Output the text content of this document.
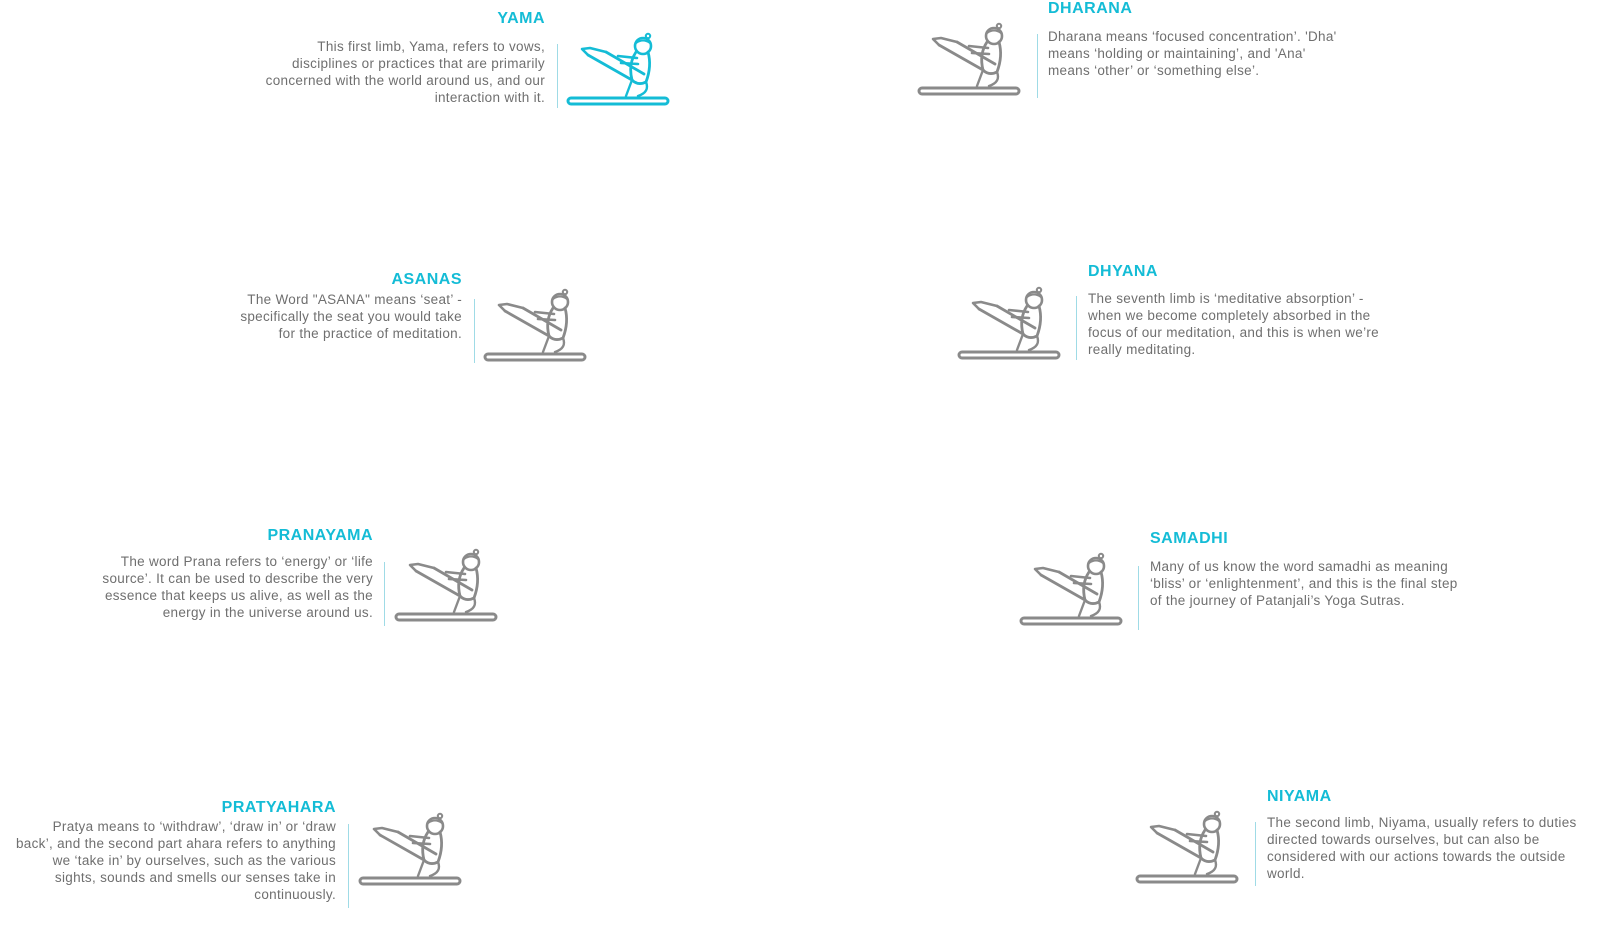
YAMA
This first limb, Yama, refers to vows, disciplines or practices that are primarily concerned with the world around us, and our interaction with it.
ASANAS
The Word "ASANA" means ‘seat’ - specifically the seat you would take for the practice of meditation.
PRANAYAMA
The word Prana refers to ‘energy’ or ‘life source’. It can be used to describe the very essence that keeps us alive, as well as the energy in the universe around us.
PRATYAHARA
Pratya means to ‘withdraw’, ‘draw in’ or ‘draw back’, and the second part ahara refers to anything we ‘take in’ by ourselves, such as the various sights, sounds and smells our senses take in continuously.
DHARANA
Dharana means ‘focused concentration’. 'Dha' means ‘holding or maintaining’, and 'Ana' means ‘other’ or ‘something else’.
DHYANA
The seventh limb is ‘meditative absorption’ - when we become completely absorbed in the focus of our meditation, and this is when we’re really meditating.
SAMADHI
Many of us know the word samadhi as meaning ‘bliss’ or ‘enlightenment’, and this is the final step of the journey of Patanjali’s Yoga Sutras.
NIYAMA
The second limb, Niyama, usually refers to duties directed towards ourselves, but can also be considered with our actions towards the outside world.
